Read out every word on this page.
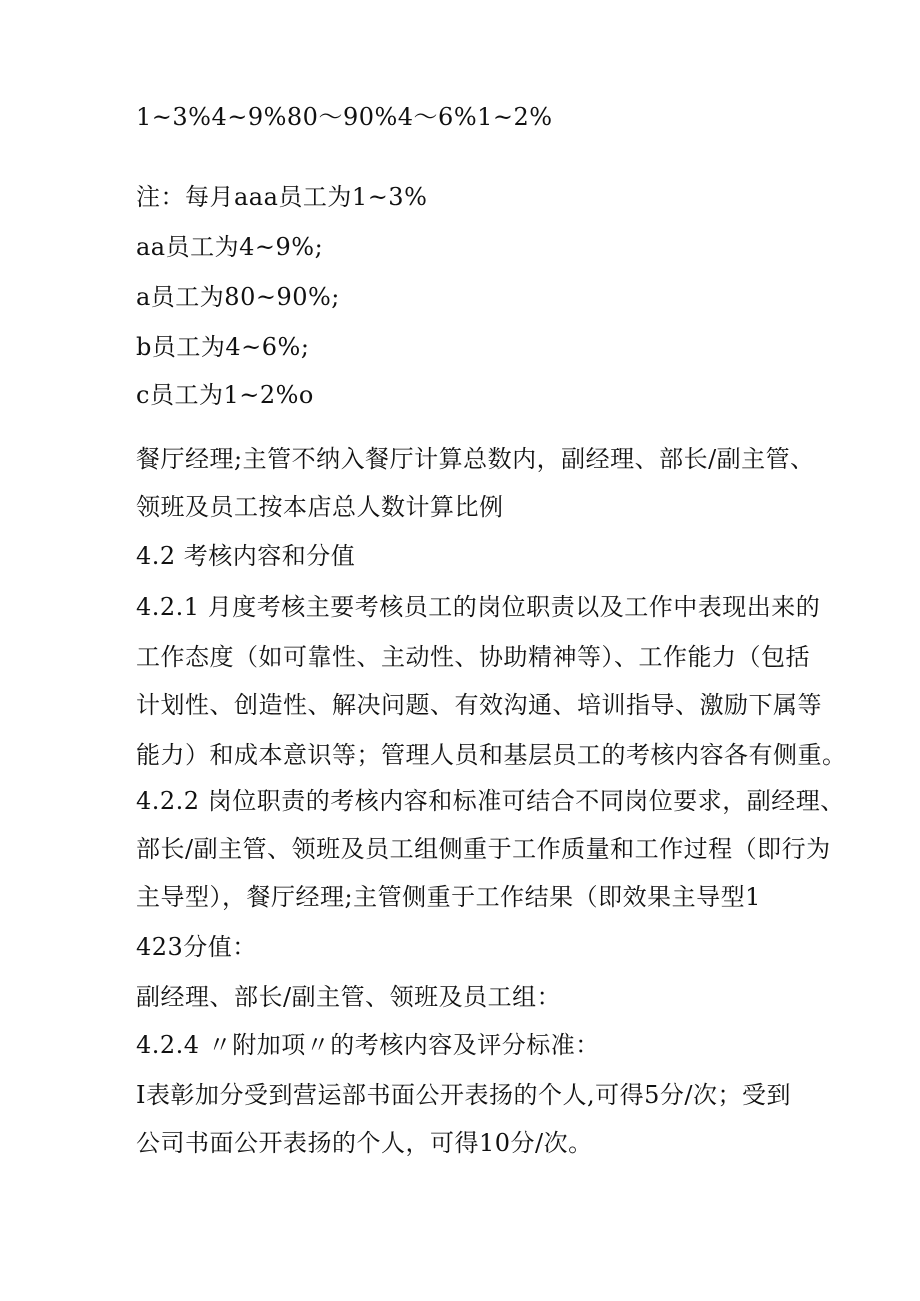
1~3%4~9%80～90%4～6%1~2%
注：每月aaa员工为1~3%
aa员工为4~9%;
a员工为80~90%;
b员工为4~6%;
c员工为1~2%o
餐厅经理;主管不纳入餐厅计算总数内，副经理、部长/副主管、
领班及员工按本店总人数计算比例
4.2 考核内容和分值
4.2.1 月度考核主要考核员工的岗位职责以及工作中表现出来的
工作态度（如可靠性、主动性、协助精神等）、工作能力（包括
计划性、创造性、解决问题、有效沟通、培训指导、激励下属等
能力）和成本意识等；管理人员和基层员工的考核内容各有侧重。
4.2.2 岗位职责的考核内容和标准可结合不同岗位要求，副经理、
部长/副主管、领班及员工组侧重于工作质量和工作过程（即行为
主导型），餐厅经理;主管侧重于工作结果（即效果主导型1
423分值：
副经理、部长/副主管、领班及员工组：
4.2.4 〃附加项〃的考核内容及评分标准：
I表彰加分受到营运部书面公开表扬的个人,可得5分/次；受到
公司书面公开表扬的个人，可得10分/次。
